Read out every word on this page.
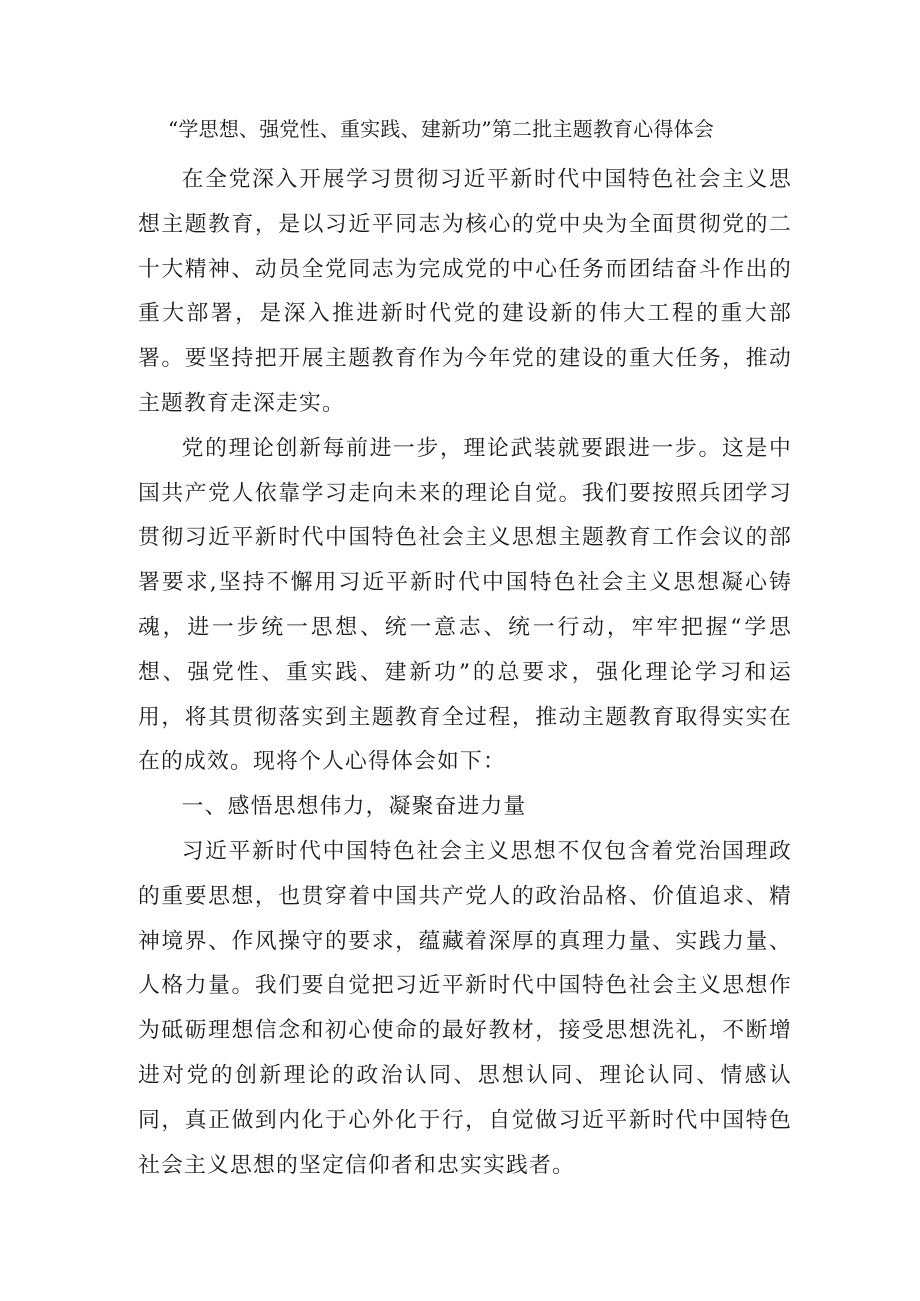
“学思想、强党性、重实践、建新功”第二批主题教育心得体会

在全党深入开展学习贯彻习近平新时代中国特色社会主义思想主题教育，是以习近平同志为核心的党中央为全面贯彻党的二十大精神、动员全党同志为完成党的中心任务而团结奋斗作出的重大部署，是深入推进新时代党的建设新的伟大工程的重大部署。要坚持把开展主题教育作为今年党的建设的重大任务，推动主题教育走深走实。

党的理论创新每前进一步，理论武装就要跟进一步。这是中国共产党人依靠学习走向未来的理论自觉。我们要按照兵团学习贯彻习近平新时代中国特色社会主义思想主题教育工作会议的部署要求,坚持不懈用习近平新时代中国特色社会主义思想凝心铸魂，进一步统一思想、统一意志、统一行动，牢牢把握“学思想、强党性、重实践、建新功”的总要求，强化理论学习和运用，将其贯彻落实到主题教育全过程，推动主题教育取得实实在在的成效。现将个人心得体会如下：

一、感悟思想伟力，凝聚奋进力量

习近平新时代中国特色社会主义思想不仅包含着党治国理政的重要思想，也贯穿着中国共产党人的政治品格、价值追求、精神境界、作风操守的要求，蕴藏着深厚的真理力量、实践力量、人格力量。我们要自觉把习近平新时代中国特色社会主义思想作为砥砺理想信念和初心使命的最好教材，接受思想洗礼，不断增进对党的创新理论的政治认同、思想认同、理论认同、情感认同，真正做到内化于心外化于行，自觉做习近平新时代中国特色社会主义思想的坚定信仰者和忠实实践者。
